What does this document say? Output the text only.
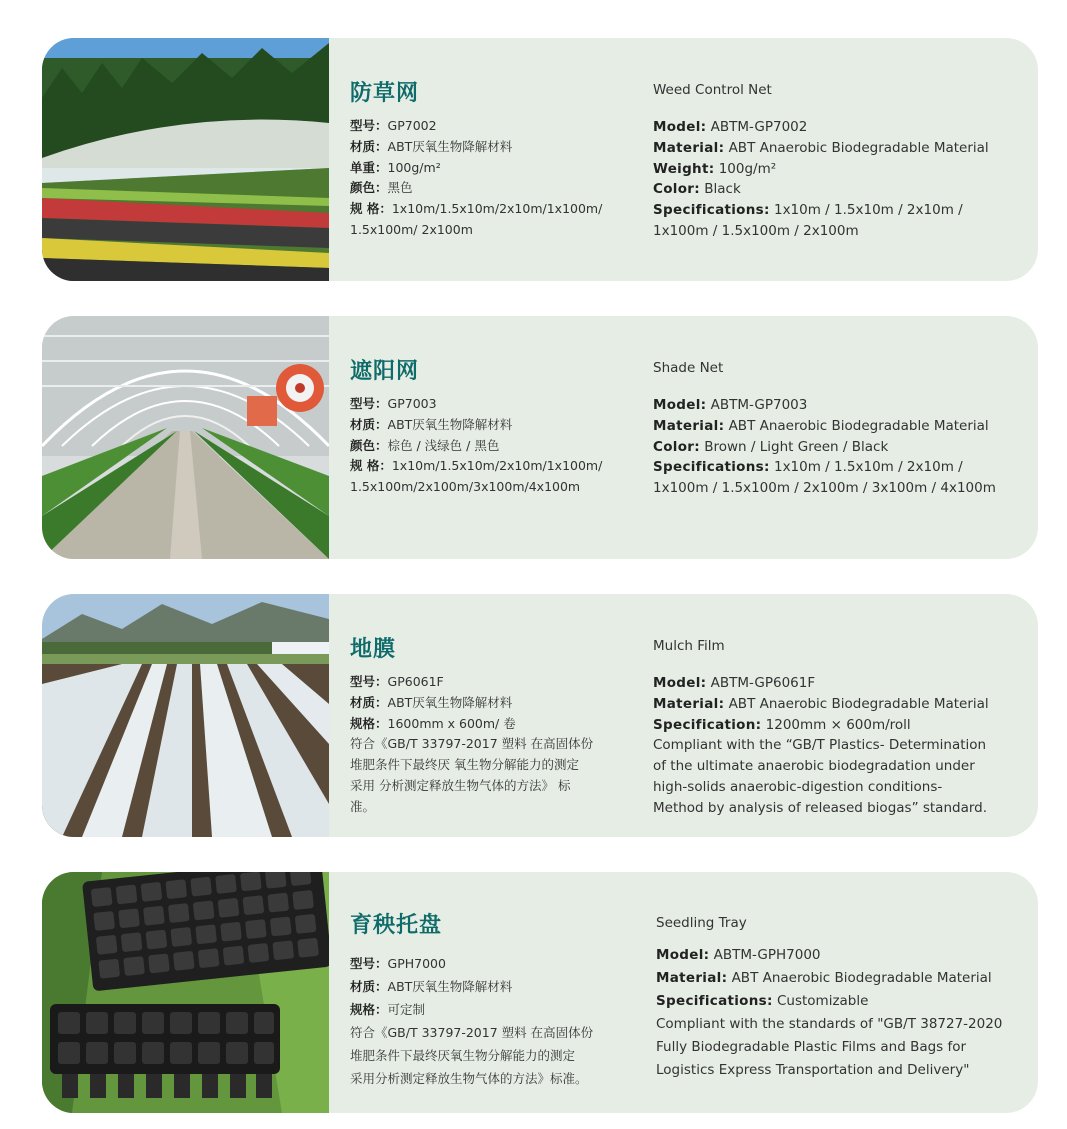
防草网
型号：GP7002
材质：ABT厌氧生物降解材料
单重：100g/m²
颜色：黑色
规 格：1x10m/1.5x10m/2x10m/1x100m/
1.5x100m/ 2x100m
Weed Control Net
Model: ABTM-GP7002
Material: ABT Anaerobic Biodegradable Material
Weight: 100g/m²
Color: Black
Specifications: 1x10m / 1.5x10m / 2x10m /
1x100m / 1.5x100m / 2x100m
遮阳网
型号：GP7003
材质：ABT厌氧生物降解材料
颜色：棕色 / 浅绿色 / 黑色
规 格：1x10m/1.5x10m/2x10m/1x100m/
1.5x100m/2x100m/3x100m/4x100m
Shade Net
Model: ABTM-GP7003
Material: ABT Anaerobic Biodegradable Material
Color: Brown / Light Green / Black
Specifications: 1x10m / 1.5x10m / 2x10m /
1x100m / 1.5x100m / 2x100m / 3x100m / 4x100m
地膜
型号：GP6061F
材质：ABT厌氧生物降解材料
规格：1600mm x 600m/ 卷
符合《GB/T 33797-2017 塑料 在高固体份
堆肥条件下最终厌 氧生物分解能力的测定
采用 分析测定释放生物气体的方法》 标
准。
Mulch Film
Model: ABTM-GP6061F
Material: ABT Anaerobic Biodegradable Material
Specification: 1200mm × 600m/roll
Compliant with the “GB/T Plastics- Determination
of the ultimate anaerobic biodegradation under
high-solids anaerobic-digestion conditions-
Method by analysis of released biogas” standard.
育秧托盘
型号：GPH7000
材质：ABT厌氧生物降解材料
规格：可定制
符合《GB/T 33797-2017 塑料 在高固体份
堆肥条件下最终厌氧生物分解能力的测定
采用分析测定释放生物气体的方法》标准。
Seedling Tray
Model: ABTM-GPH7000
Material: ABT Anaerobic Biodegradable Material
Specifications: Customizable
Compliant with the standards of "GB/T 38727-2020
Fully Biodegradable Plastic Films and Bags for
Logistics Express Transportation and Delivery"
